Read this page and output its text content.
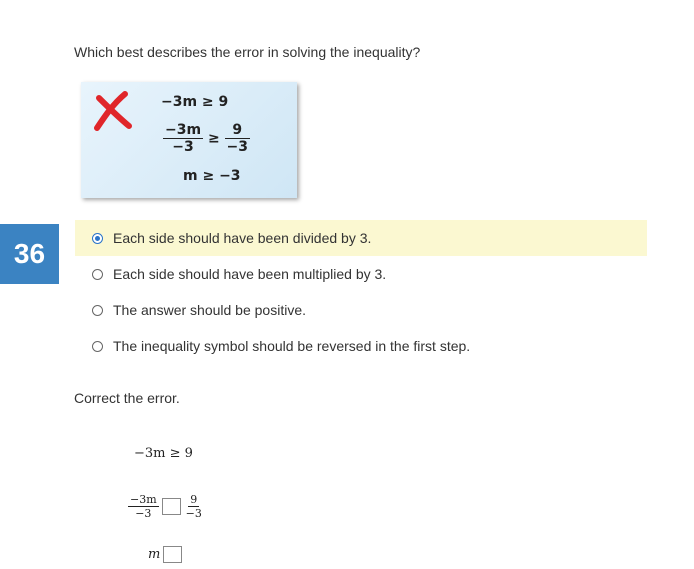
Which best describes the error in solving the inequality?
−3m ≥ 9
$\frac{-3m}{-3} \ge \frac{9}{-3}$
m ≥ −3
36	Each side should have been divided by 3.
Each side should have been multiplied by 3.
The answer should be positive.
The inequality symbol should be reversed in the first step.
Correct the error.
−3m ≥ 9
$\frac{-3m}{-3} \frac{9}{-3}$
m
